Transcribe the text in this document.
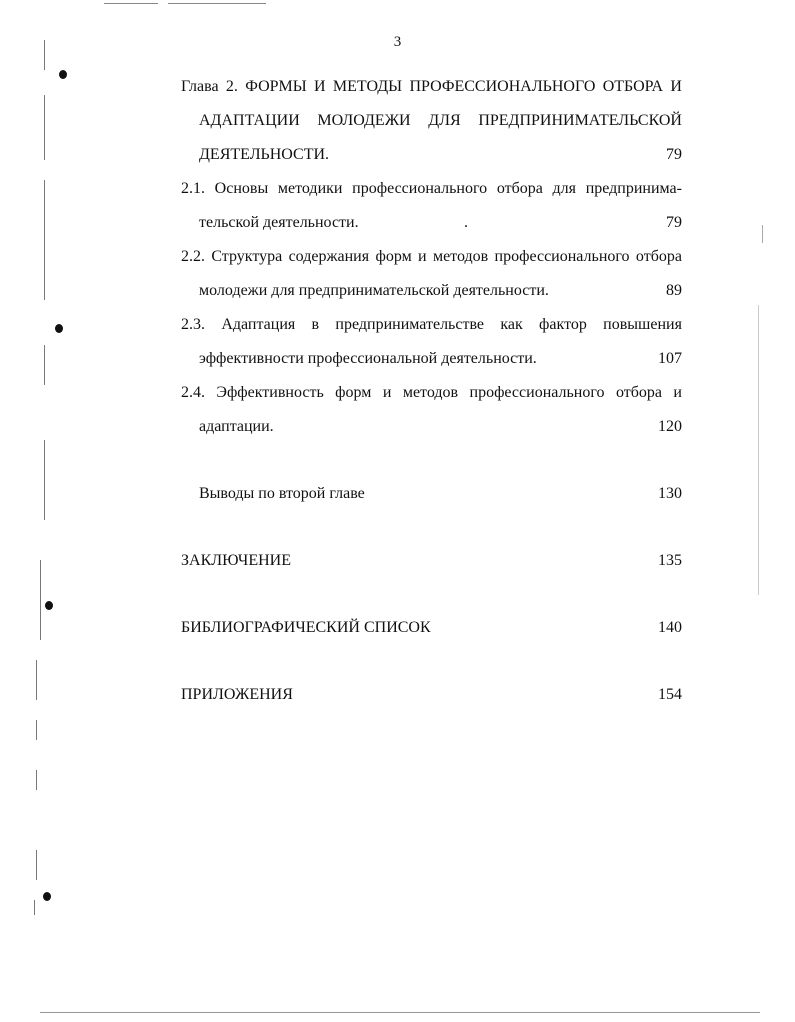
3
Глава 2. ФОРМЫ И МЕТОДЫ ПРОФЕССИОНАЛЬНОГО ОТБОРА И
АДАПТАЦИИ МОЛОДЕЖИ ДЛЯ ПРЕДПРИНИМАТЕЛЬСКОЙ
ДЕЯТЕЛЬНОСТИ.	79
2.1. Основы методики профессионального отбора для предпринима-
тельской деятельности.	.	79
2.2. Структура содержания форм и методов профессионального отбора
молодежи для предпринимательской деятельности.	89
2.3. Адаптация в предпринимательстве как фактор повышения
эффективности профессиональной деятельности.	107
2.4. Эффективность форм и методов профессионального отбора и
адаптации.	120
Выводы по второй главе	130
ЗАКЛЮЧЕНИЕ	135
БИБЛИОГРАФИЧЕСКИЙ СПИСОК	140
ПРИЛОЖЕНИЯ	154
